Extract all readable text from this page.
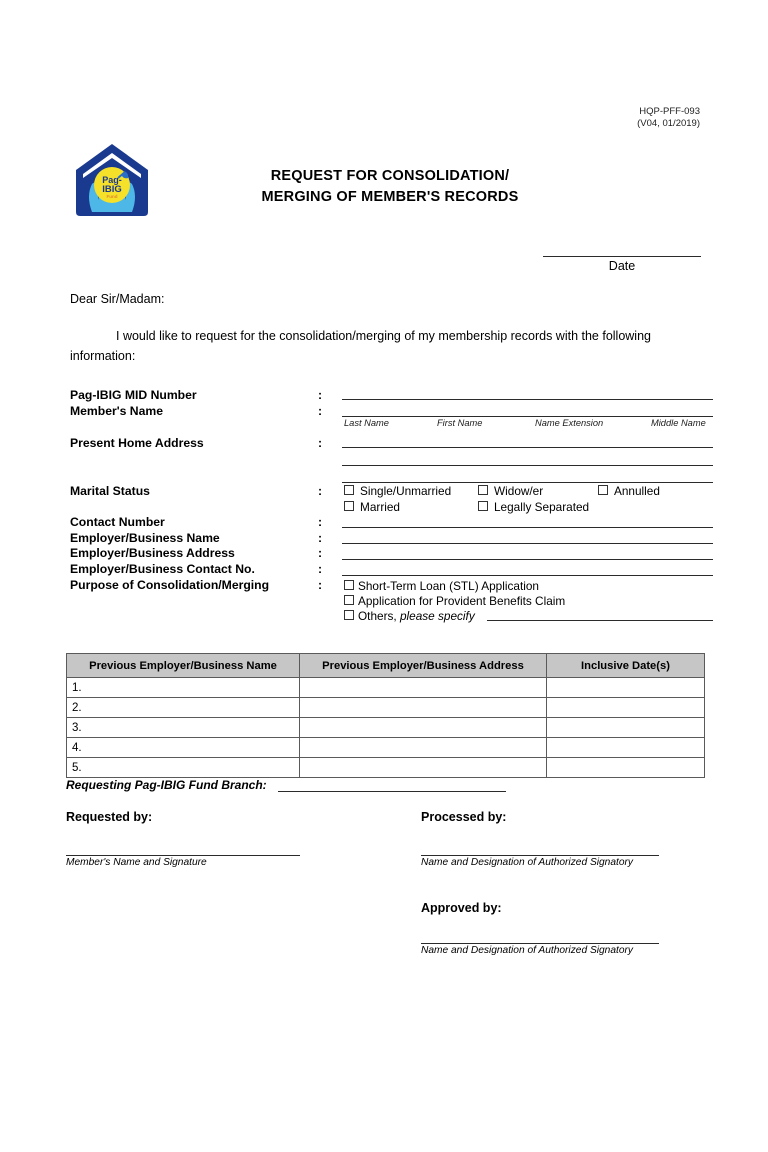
HQP-PFF-093
(V04, 01/2019)
Pag-
IBIG
Fund
REQUEST FOR CONSOLIDATION/
MERGING OF MEMBER'S RECORDS
Date
Dear Sir/Madam:
I would like to request for the consolidation/merging of my membership records with the following information:
Pag-IBIG MID Number	:
Member's Name	:
Last Name	First Name	Name Extension	Middle Name
Present Home Address	:
Marital Status	:	Single/Unmarried	Widow/er	Annulled
Married	Legally Separated
Contact Number	:
Employer/Business Name	:
Employer/Business Address	:
Employer/Business Contact No.	:
Purpose of Consolidation/Merging	:	Short-Term Loan (STL) Application
Application for Provident Benefits Claim
Others, please specify
Previous Employer/Business Name	Previous Employer/Business Address	Inclusive Date(s)
1.		
2.		
3.		
4.		
5.		
Requesting Pag-IBIG Fund Branch:
Requested by:
Member's Name and Signature
Processed by:
Name and Designation of Authorized Signatory
Approved by:
Name and Designation of Authorized Signatory
